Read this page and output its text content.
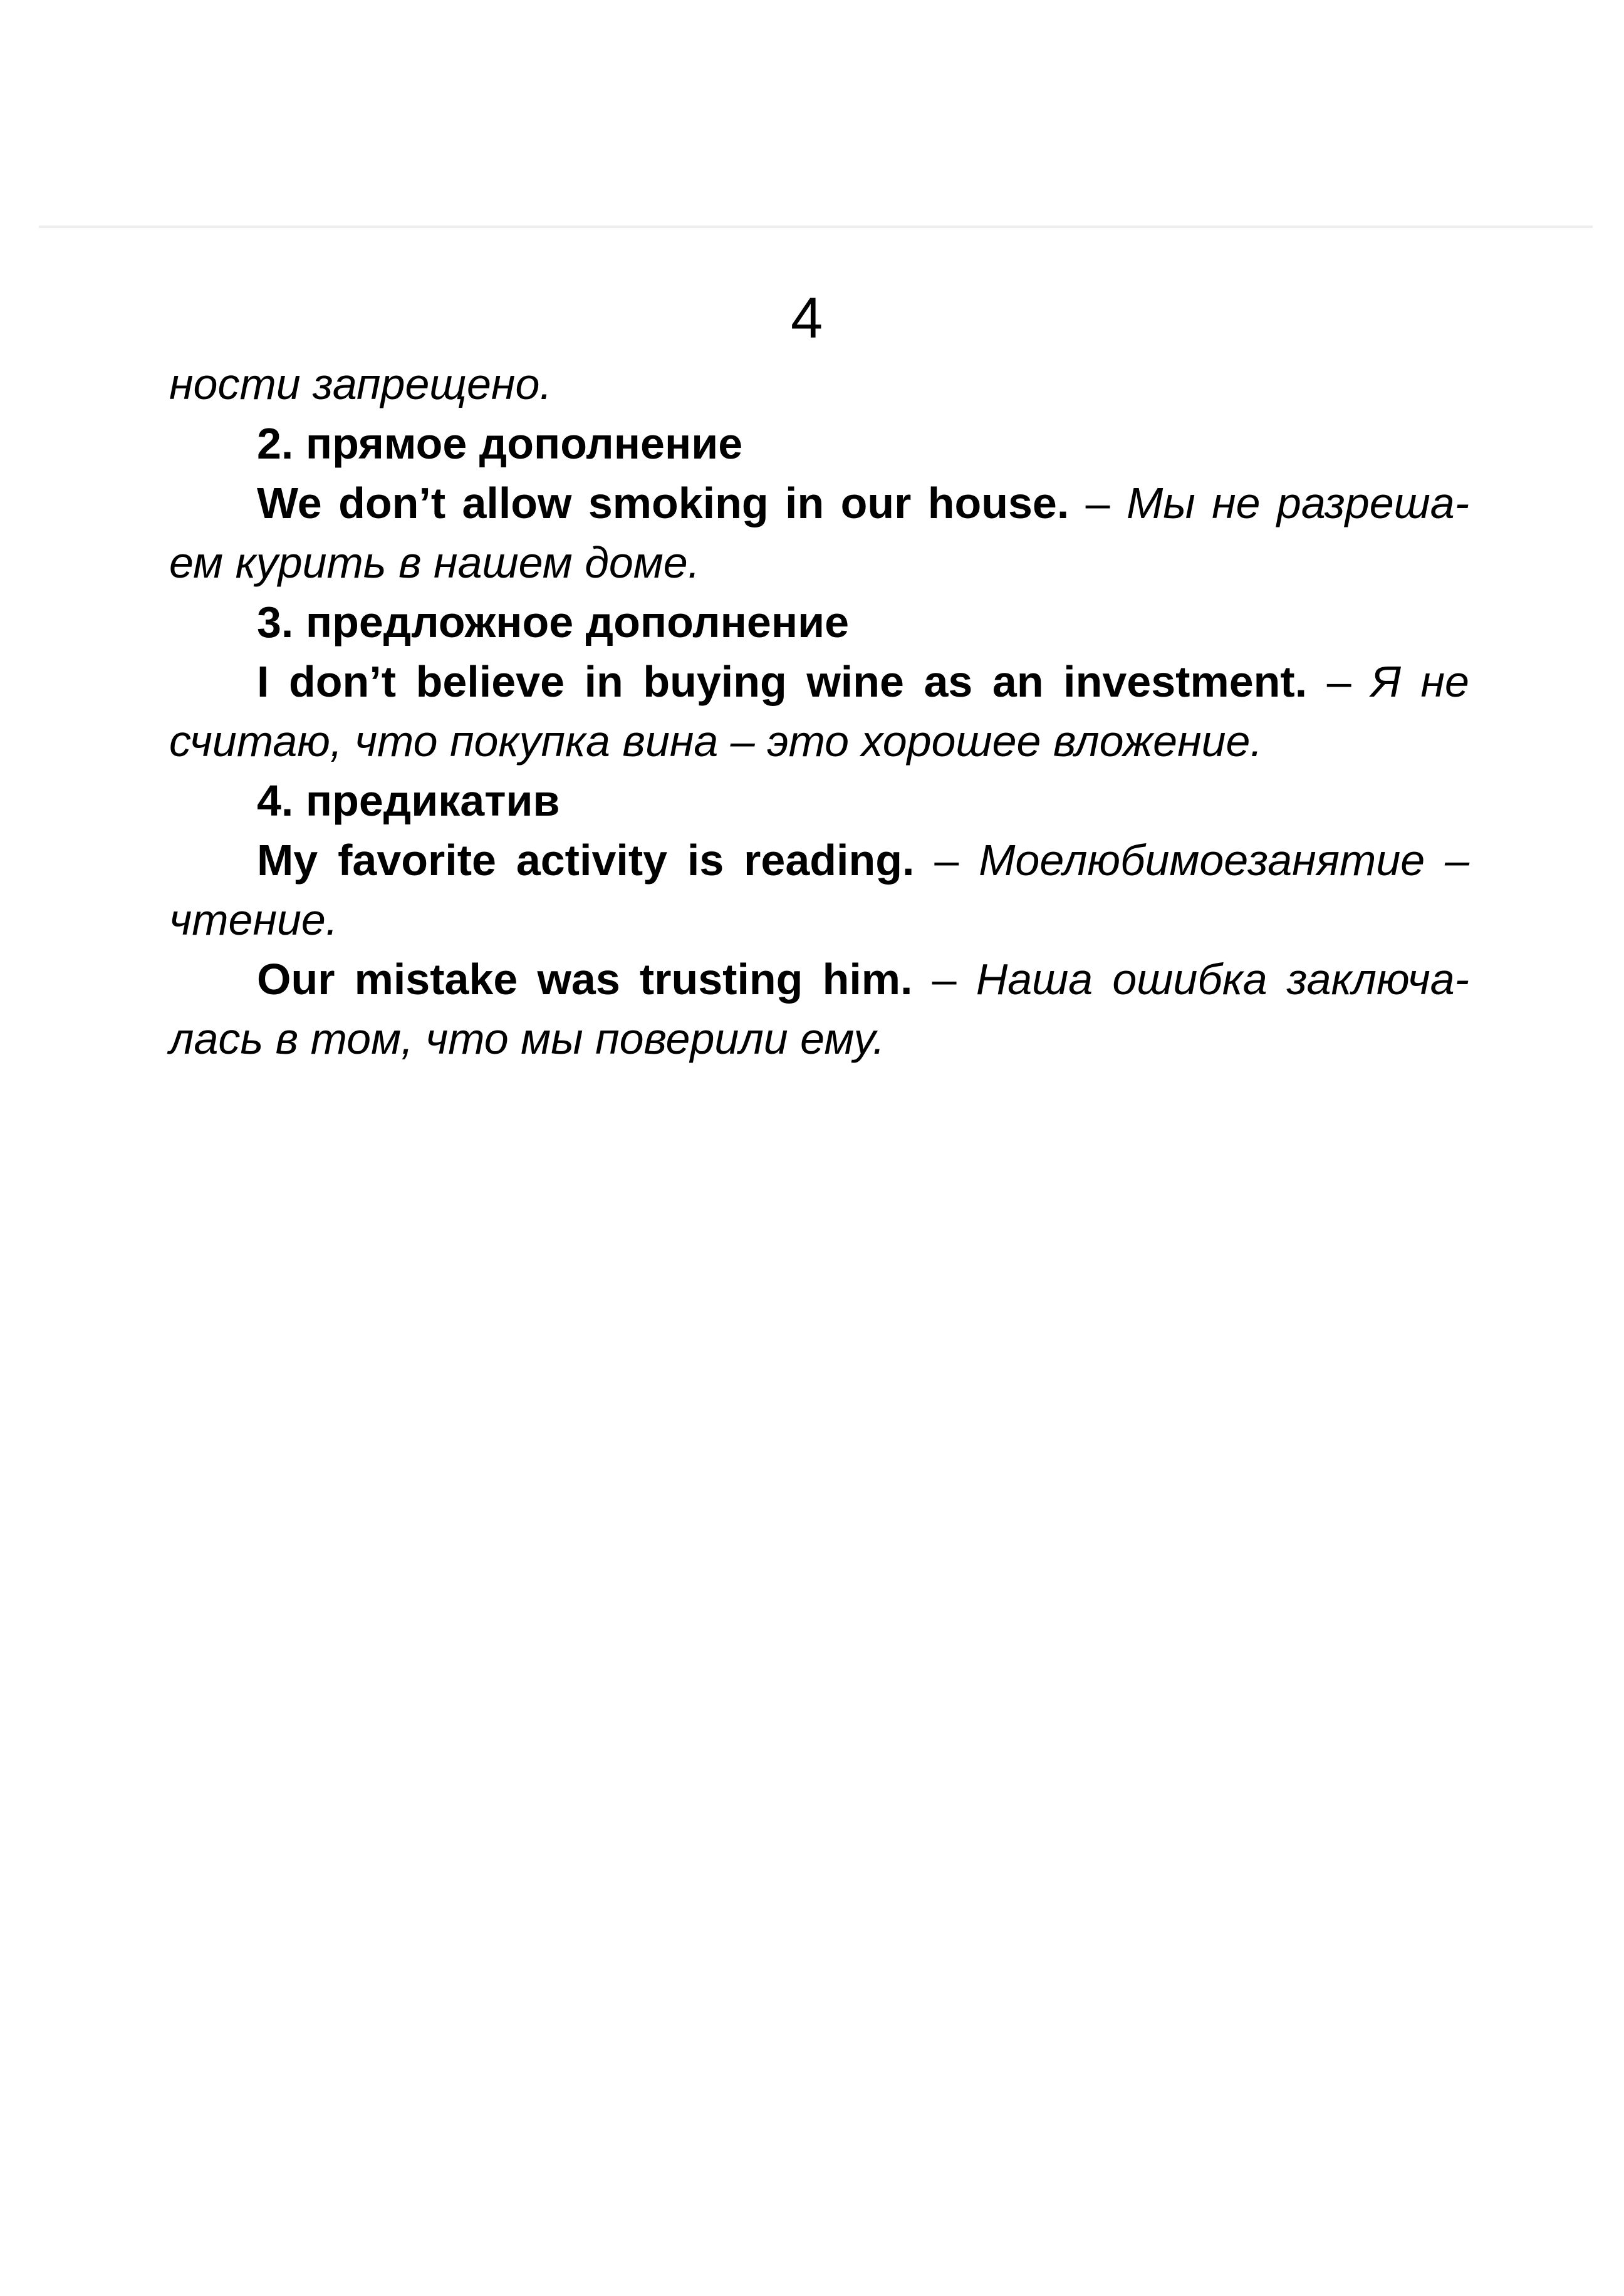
4

ности запрещено.

2. прямое дополнение

We don’t allow smoking in our house. – Мы не разреша-ем курить в нашем доме.

3. предложное дополнение

I don’t believe in buying wine as an investment. – Я не считаю, что покупка вина – это хорошее вложение.

4. предикатив

My favorite activity is reading. – Моелюбимоезанятие – чтение.

Our mistake was trusting him. – Наша ошибка заключа-лась в том, что мы поверили ему.
